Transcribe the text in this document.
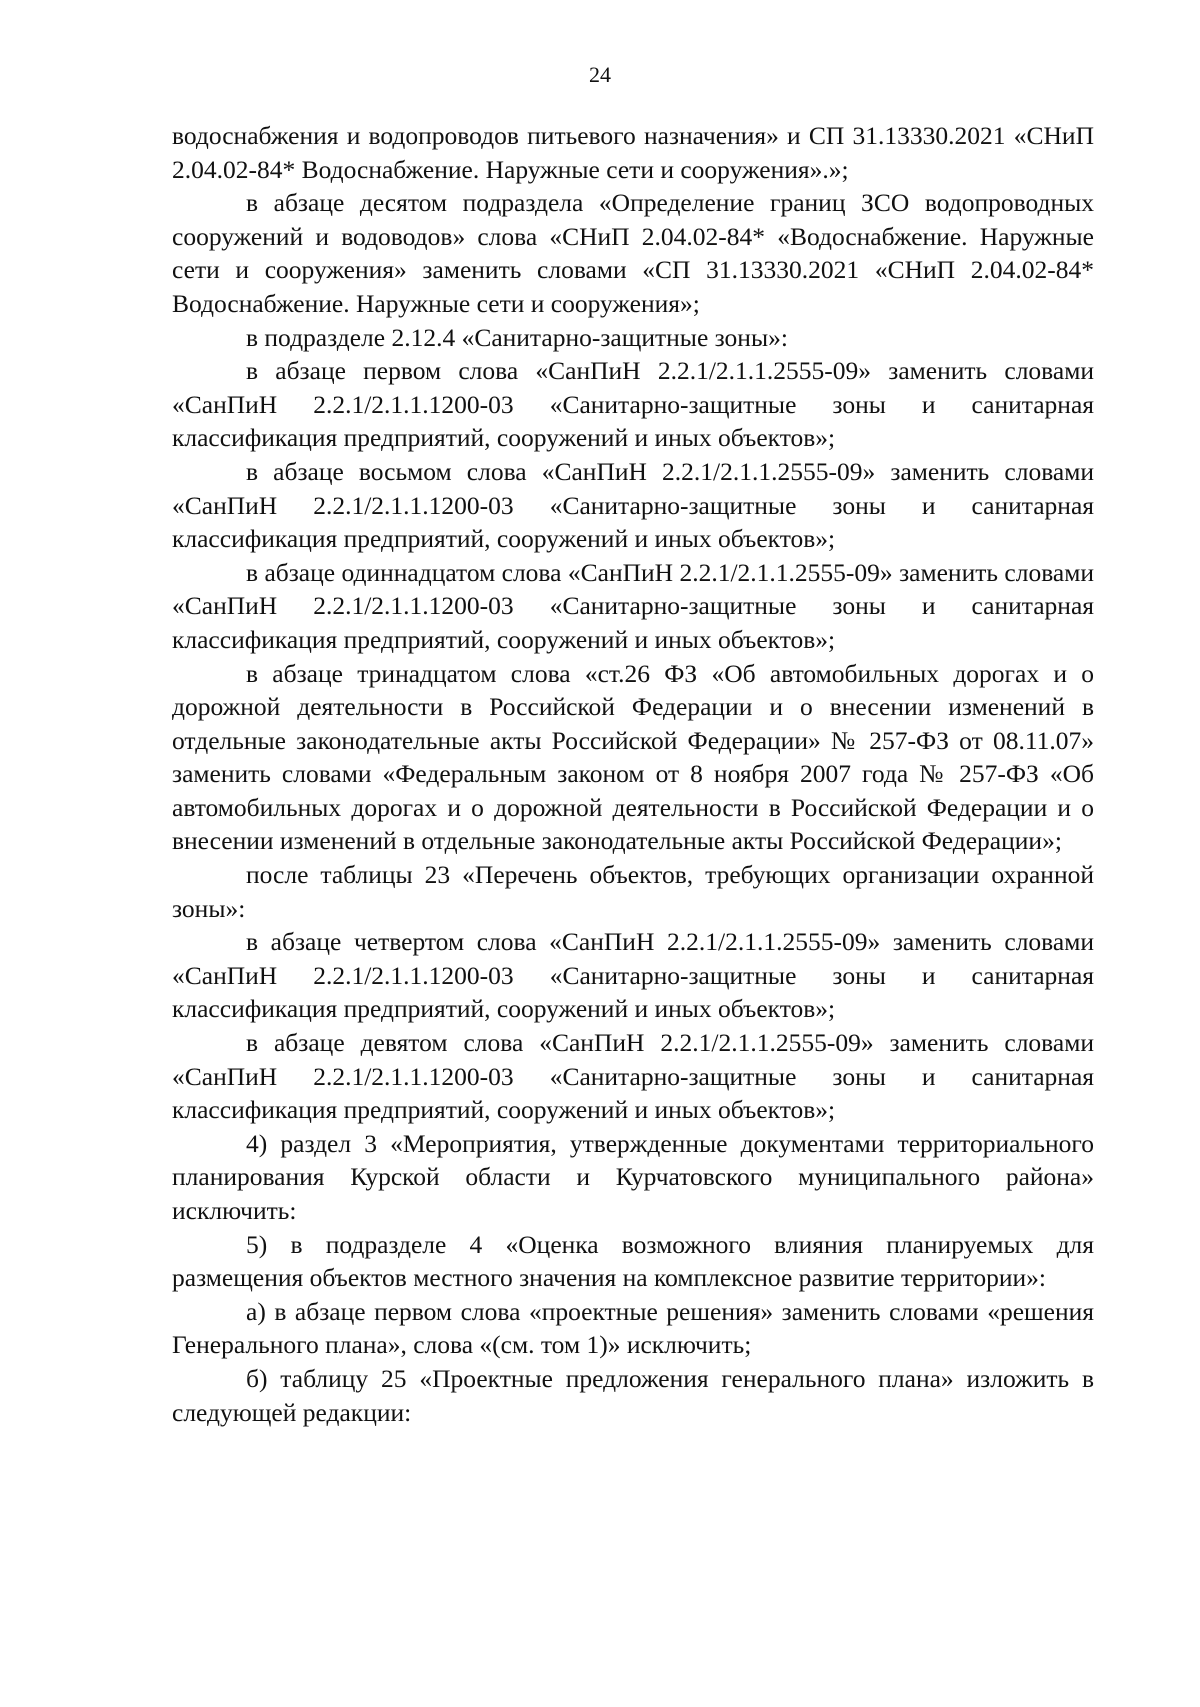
24

водоснабжения и водопроводов питьевого назначения» и СП 31.13330.2021 «СНиП 2.04.02-84* Водоснабжение. Наружные сети и сооружения».»;

в абзаце десятом подраздела «Определение границ ЗСО водопроводных сооружений и водоводов» слова «СНиП 2.04.02-84* «Водоснабжение. Наружные сети и сооружения» заменить словами «СП 31.13330.2021 «СНиП 2.04.02-84* Водоснабжение. Наружные сети и сооружения»;

в подразделе 2.12.4 «Санитарно-защитные зоны»:

в абзаце первом слова «СанПиН 2.2.1/2.1.1.2555-09» заменить словами «СанПиН 2.2.1/2.1.1.1200-03 «Санитарно-защитные зоны и санитарная классификация предприятий, сооружений и иных объектов»;

в абзаце восьмом слова «СанПиН 2.2.1/2.1.1.2555-09» заменить словами «СанПиН 2.2.1/2.1.1.1200-03 «Санитарно-защитные зоны и санитарная классификация предприятий, сооружений и иных объектов»;

в абзаце одиннадцатом слова «СанПиН 2.2.1/2.1.1.2555-09» заменить словами «СанПиН 2.2.1/2.1.1.1200-03 «Санитарно-защитные зоны и санитарная классификация предприятий, сооружений и иных объектов»;

в абзаце тринадцатом слова «ст.26 ФЗ «Об автомобильных дорогах и о дорожной деятельности в Российской Федерации и о внесении изменений в отдельные законодательные акты Российской Федерации» № 257-ФЗ от 08.11.07» заменить словами «Федеральным законом от 8 ноября 2007 года № 257-ФЗ «Об автомобильных дорогах и о дорожной деятельности в Российской Федерации и о внесении изменений в отдельные законодательные акты Российской Федерации»;

после таблицы 23 «Перечень объектов, требующих организации охранной зоны»:

в абзаце четвертом слова «СанПиН 2.2.1/2.1.1.2555-09» заменить словами «СанПиН 2.2.1/2.1.1.1200-03 «Санитарно-защитные зоны и санитарная классификация предприятий, сооружений и иных объектов»;

в абзаце девятом слова «СанПиН 2.2.1/2.1.1.2555-09» заменить словами «СанПиН 2.2.1/2.1.1.1200-03 «Санитарно-защитные зоны и санитарная классификация предприятий, сооружений и иных объектов»;

4) раздел 3 «Мероприятия, утвержденные документами территориального планирования Курской области и Курчатовского муниципального района» исключить:

5) в подразделе 4 «Оценка возможного влияния планируемых для размещения объектов местного значения на комплексное развитие территории»:

а) в абзаце первом слова «проектные решения» заменить словами «решения Генерального плана», слова «(см. том 1)» исключить;

б) таблицу 25 «Проектные предложения генерального плана» изложить в следующей редакции:
